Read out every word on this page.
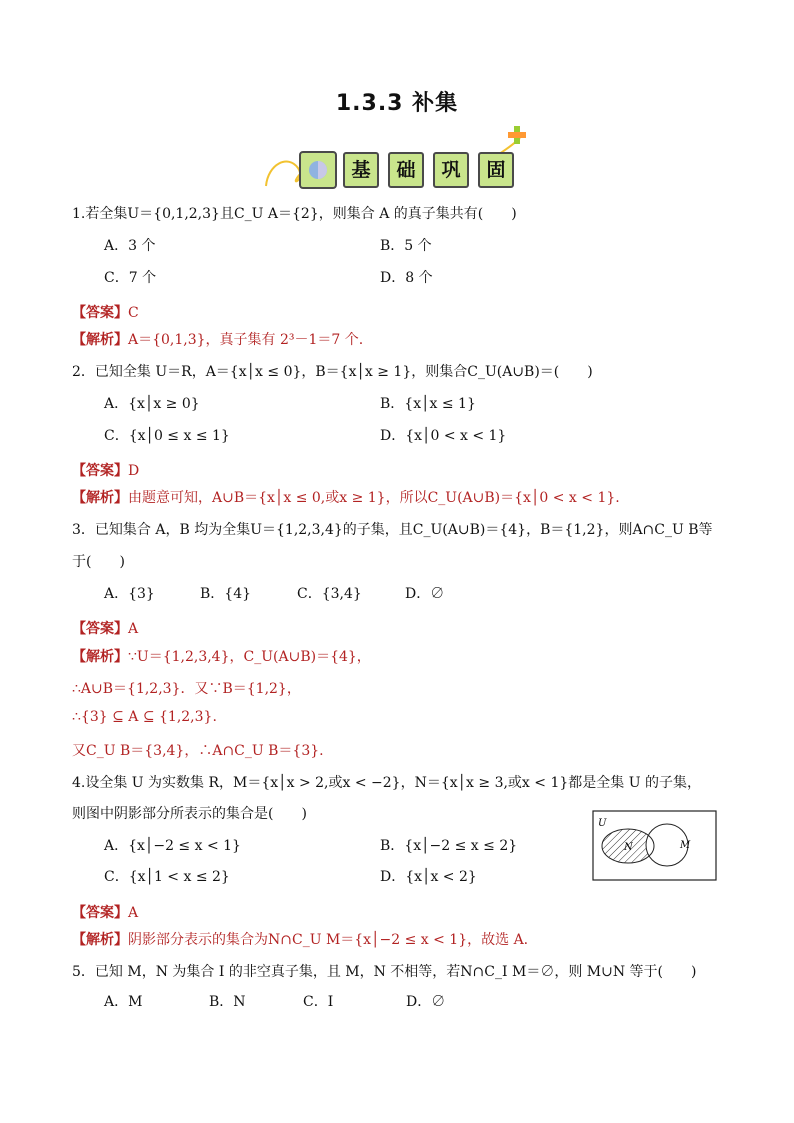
1.3.3 补集
基	础	巩	固
1.若全集U＝{0,1,2,3}且C_U A＝{2}，则集合 A 的真子集共有(　　)
A．3 个	B．5 个
C．7 个	D．8 个
【答案】C
【解析】A＝{0,1,3}，真子集有 2³－1＝7 个.
2．已知全集 U＝R，A＝{x│x ≤ 0}，B＝{x│x ≥ 1}，则集合C_U(A∪B)＝(　　)
A．{x│x ≥ 0}	B．{x│x ≤ 1}
C．{x│0 ≤ x ≤ 1}	D．{x│0 < x < 1}
【答案】D
【解析】由题意可知，A∪B＝{x│x ≤ 0,或x ≥ 1}，所以C_U(A∪B)＝{x│0 < x < 1}.
3．已知集合 A，B 均为全集U＝{1,2,3,4}的子集，且C_U(A∪B)＝{4}，B＝{1,2}，则A∩C_U B等
于(　　)
A．{3}	B．{4}	C．{3,4}	D．∅
【答案】A
【解析】∵U＝{1,2,3,4}，C_U(A∪B)＝{4}，
∴A∪B＝{1,2,3}．又∵B＝{1,2}，
∴{3} ⊆ A ⊆ {1,2,3}.
又C_U B＝{3,4}，∴A∩C_U B＝{3}.
4.设全集 U 为实数集 R，M＝{x│x > 2,或x < −2}，N＝{x│x ≥ 3,或x < 1}都是全集 U 的子集，
则图中阴影部分所表示的集合是(　　)
A．{x│−2 ≤ x < 1}	B．{x│−2 ≤ x ≤ 2}
C．{x│1 < x ≤ 2}	D．{x│x < 2}
U
N	M
【答案】A
【解析】阴影部分表示的集合为N∩C_U M＝{x│−2 ≤ x < 1}，故选 A.
5．已知 M，N 为集合 I 的非空真子集，且 M，N 不相等，若N∩C_I M＝∅，则 M∪N 等于(　　)
A．M	B．N	C．I	D．∅
